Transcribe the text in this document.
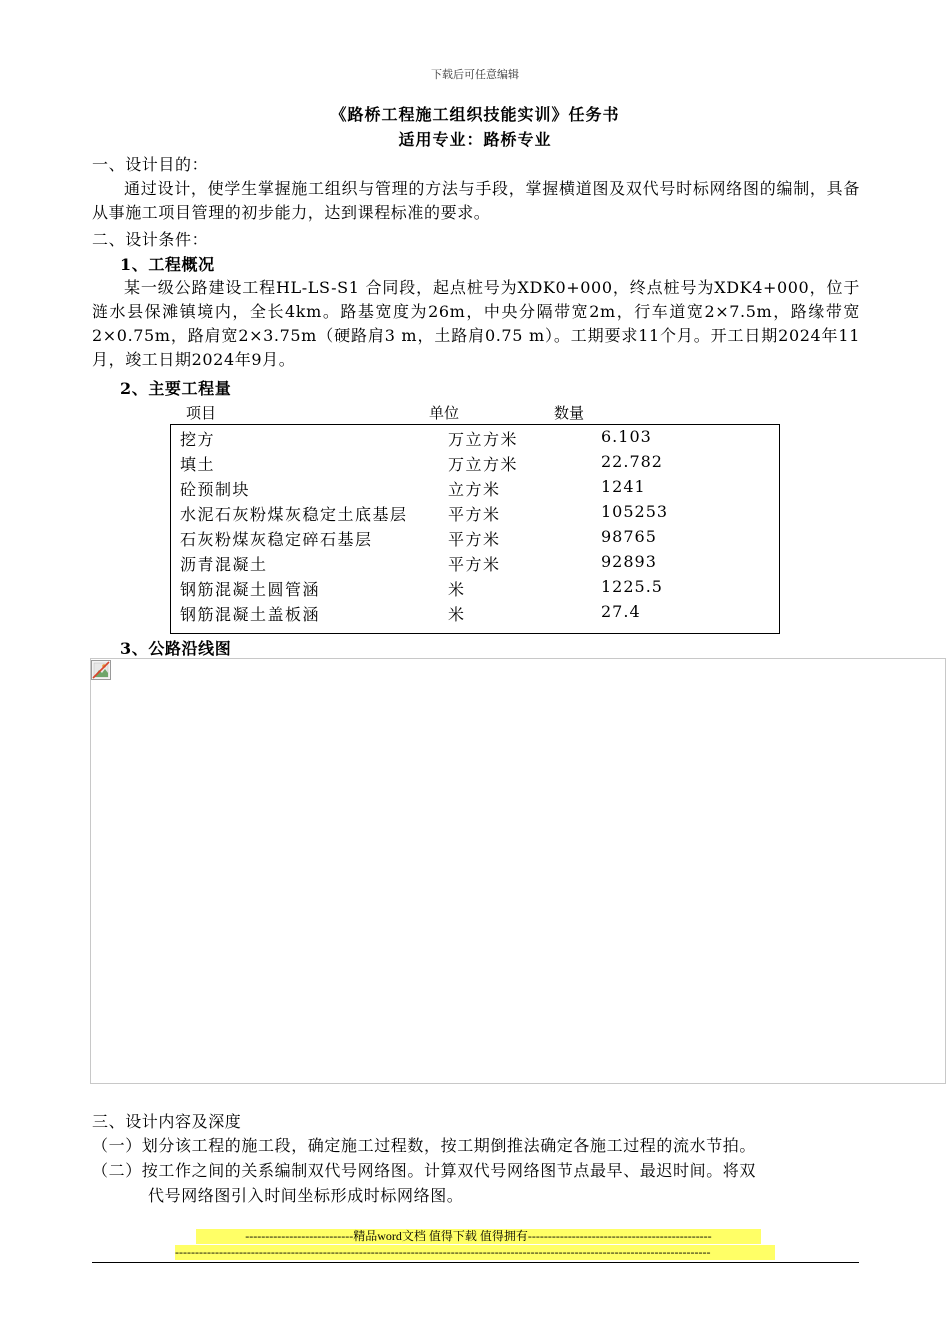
下载后可任意编辑
《路桥工程施工组织技能实训》任务书
适用专业：路桥专业
一、设计目的：
通过设计，使学生掌握施工组织与管理的方法与手段，掌握横道图及双代号时标网络图的编制，具备从事施工项目管理的初步能力，达到课程标准的要求。
二、设计条件：
1、工程概况
某一级公路建设工程HL-LS-S1 合同段，起点桩号为XDK0+000，终点桩号为XDK4+000，位于涟水县保滩镇境内，全长4km。路基宽度为26m，中央分隔带宽2m，行车道宽2×7.5m，路缘带宽2×0.75m，路肩宽2×3.75m（硬路肩3 m，土路肩0.75 m）。工期要求11个月。开工日期2024年11月，竣工日期2024年9月。
2、主要工程量
项目	单位	数量
挖方	万立方米	6.103
填土	万立方米	22.782
砼预制块	立方米	1241
水泥石灰粉煤灰稳定土底基层	平方米	105253
石灰粉煤灰稳定碎石基层	平方米	98765
沥青混凝土	平方米	92893
钢筋混凝土圆管涵	米	1225.5
钢筋混凝土盖板涵	米	27.4
3、公路沿线图
三、设计内容及深度
（一）划分该工程的施工段，确定施工过程数，按工期倒推法确定各施工过程的流水节拍。
（二）按工作之间的关系编制双代号网络图。计算双代号网络图节点最早、最迟时间。将双
代号网络图引入时间坐标形成时标网络图。
---------------------------精品word文档 值得下载 值得拥有----------------------------------------------
--------------------------------------------------------------------------------------------------------------------------------------
